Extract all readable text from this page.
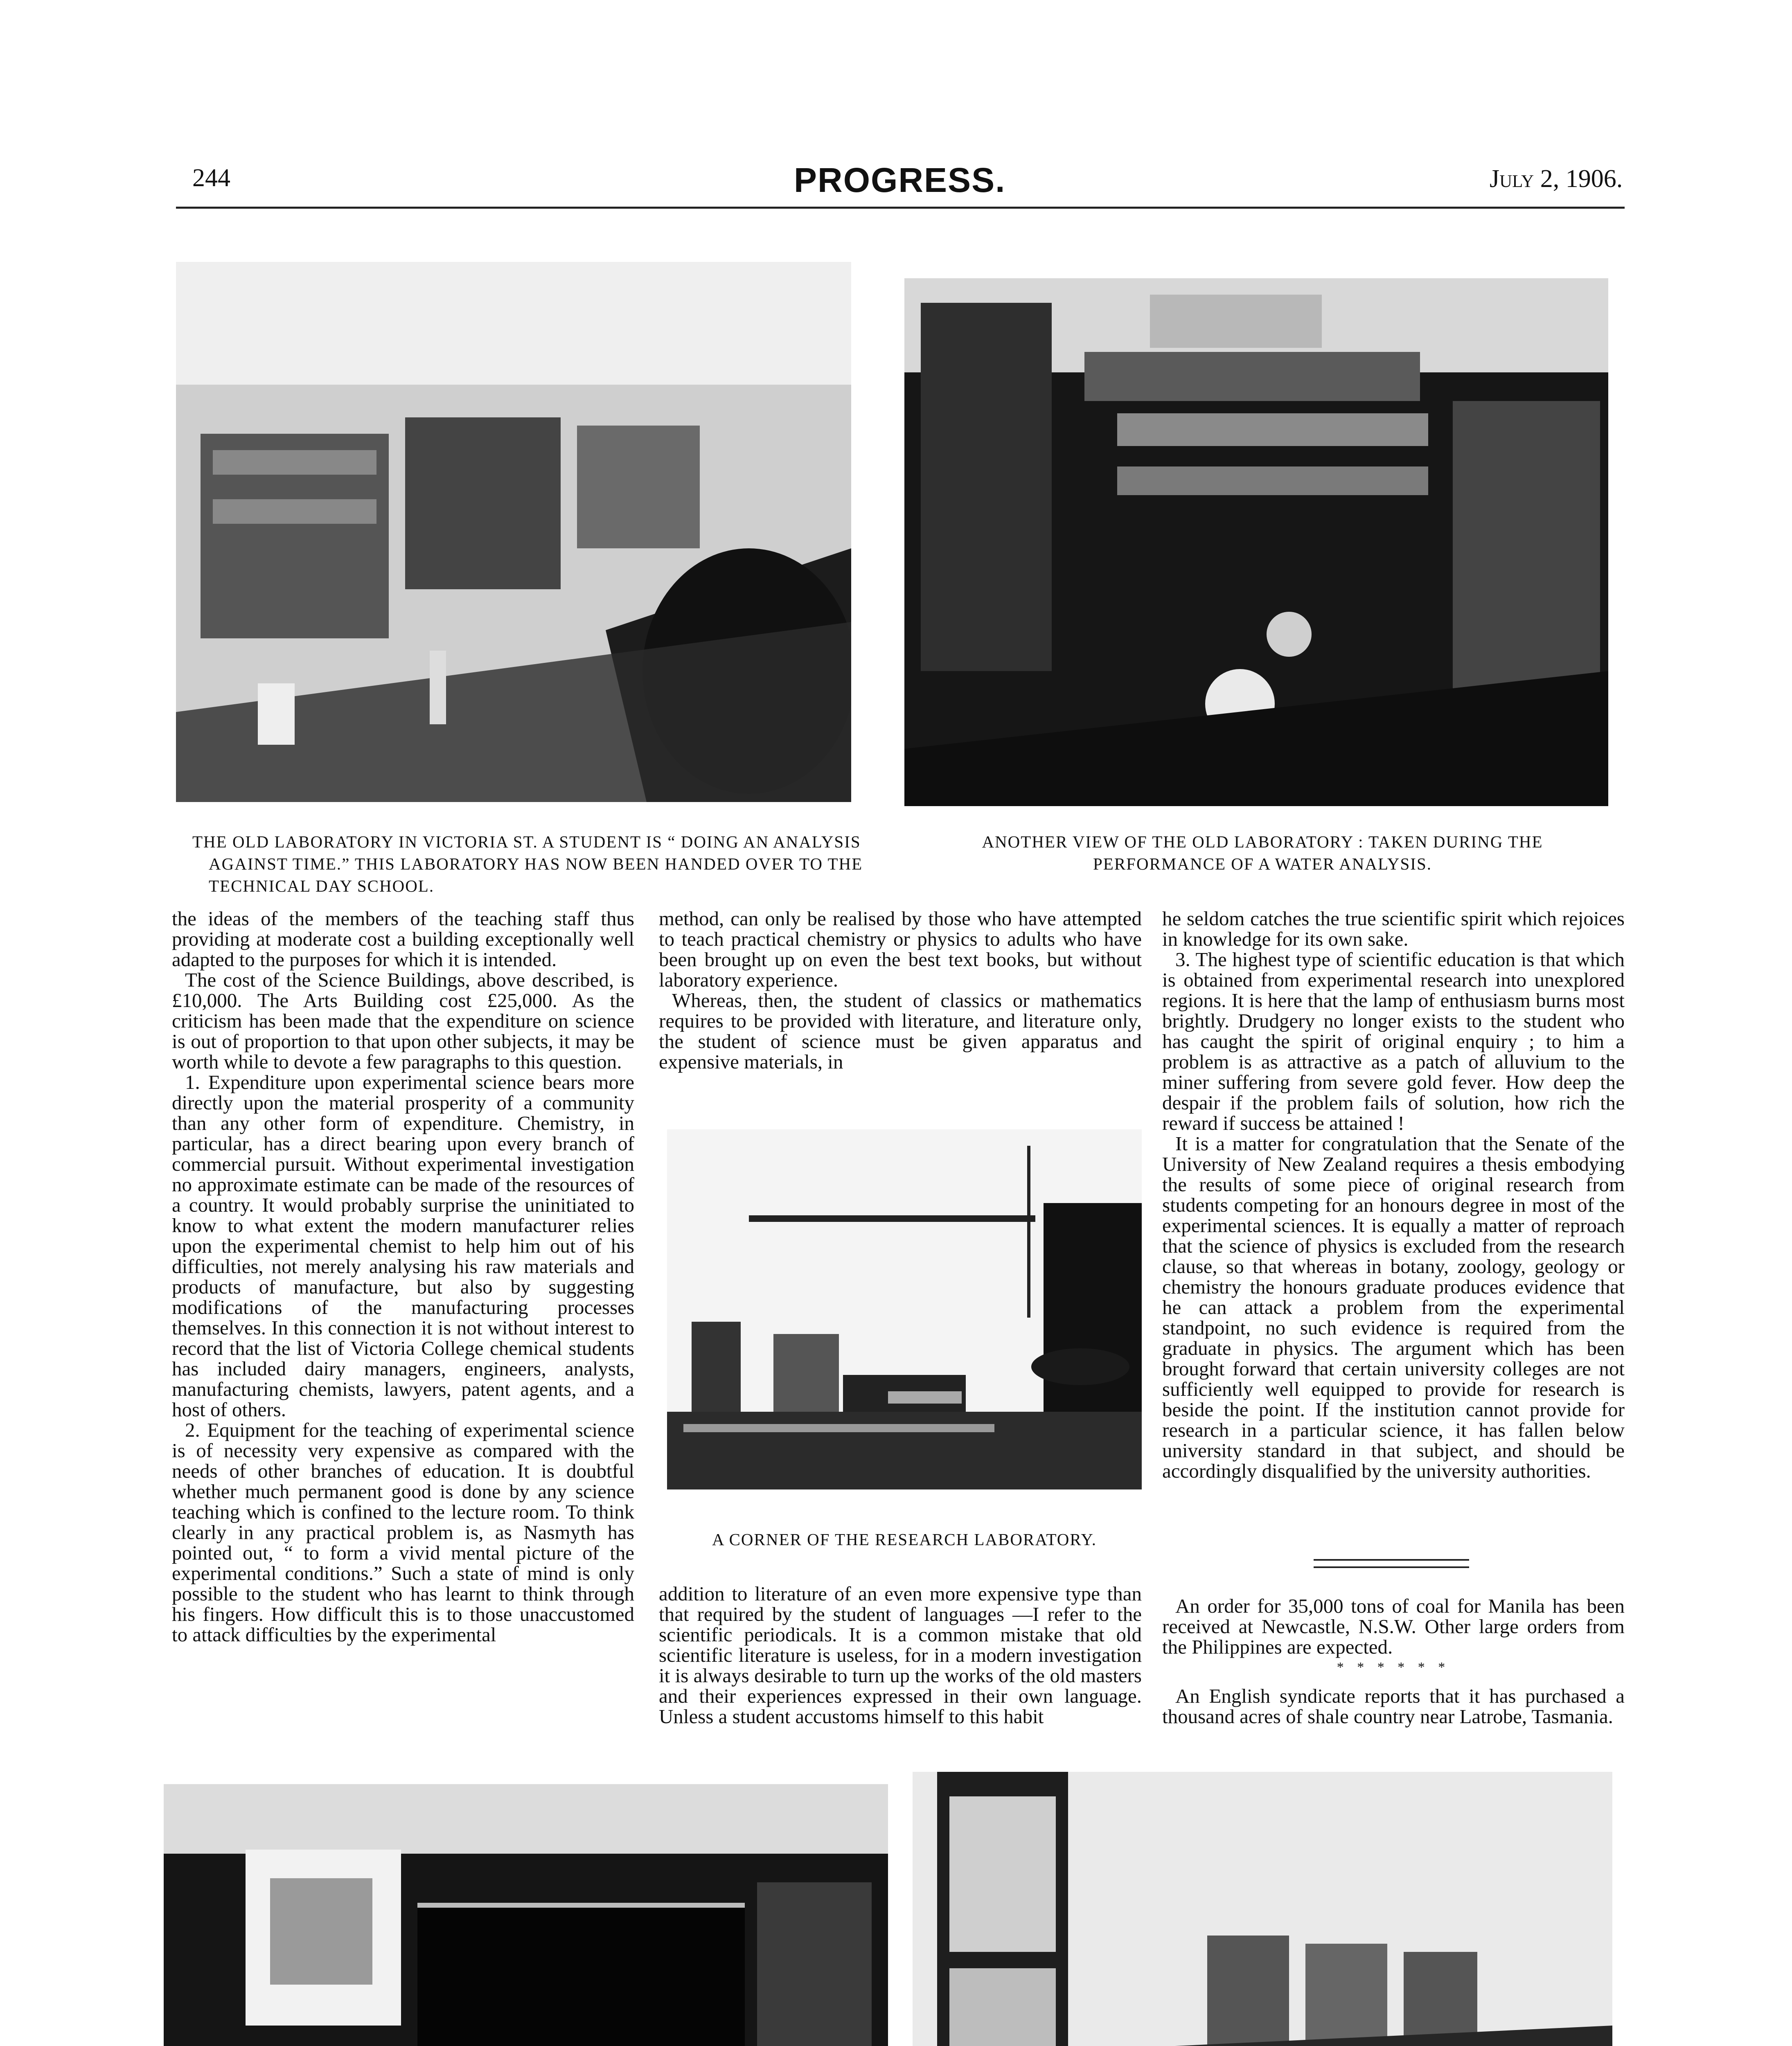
244	PROGRESS.	July 2, 1906.

THE OLD LABORATORY IN VICTORIA ST. A STUDENT IS “ DOING AN ANALYSIS

AGAINST TIME.” THIS LABORATORY HAS NOW BEEN HANDED OVER TO THE

TECHNICAL DAY SCHOOL.

ANOTHER VIEW OF THE OLD LABORATORY : TAKEN DURING THE

PERFORMANCE OF A WATER ANALYSIS.

the ideas of the members of the teaching staff thus providing at moderate cost a building exceptionally well adapted to the purposes for which it is intended.

The cost of the Science Buildings, above described, is £10,000. The Arts Building cost £25,000. As the criticism has been made that the expenditure on science is out of proportion to that upon other subjects, it may be worth while to devote a few paragraphs to this question.

1. Expenditure upon experimental science bears more directly upon the material prosperity of a community than any other form of expenditure. Chemistry, in particular, has a direct bearing upon every branch of commercial pursuit. Without experimental investigation no approximate estimate can be made of the resources of a country. It would probably surprise the uninitiated to know to what extent the modern manufacturer relies upon the experimental chemist to help him out of his difficulties, not merely analysing his raw materials and products of manufacture, but also by suggesting modifications of the manufacturing processes themselves. In this connection it is not without interest to record that the list of Victoria College chemical students has included dairy managers, engineers, analysts, manufacturing chemists, lawyers, patent agents, and a host of others.

2. Equipment for the teaching of experimental science is of necessity very expensive as compared with the needs of other branches of education. It is doubtful whether much permanent good is done by any science teaching which is confined to the lecture room. To think clearly in any practical problem is, as Nasmyth has pointed out, “ to form a vivid mental picture of the experimental conditions.” Such a state of mind is only possible to the student who has learnt to think through his fingers. How difficult this is to those unaccustomed to attack difficulties by the experimental

method, can only be realised by those who have attempted to teach practical chemistry or physics to adults who have been brought up on even the best text books, but without laboratory experience.

Whereas, then, the student of classics or mathematics requires to be provided with literature, and literature only, the student of science must be given apparatus and expensive materials, in

A CORNER OF THE RESEARCH LABORATORY.

addition to literature of an even more expensive type than that required by the student of languages —I refer to the scientific periodicals. It is a common mistake that old scientific literature is useless, for in a modern investigation it is always desirable to turn up the works of the old masters and their experiences expressed in their own language. Unless a student accustoms himself to this habit

he seldom catches the true scientific spirit which rejoices in knowledge for its own sake.

3. The highest type of scientific education is that which is obtained from experimental research into unexplored regions. It is here that the lamp of enthusiasm burns most brightly. Drudgery no longer exists to the student who has caught the spirit of original enquiry ; to him a problem is as attractive as a patch of alluvium to the miner suffering from severe gold fever. How deep the despair if the problem fails of solution, how rich the reward if success be attained !

It is a matter for congratulation that the Senate of the University of New Zealand requires a thesis embodying the results of some piece of original research from students competing for an honours degree in most of the experimental sciences. It is equally a matter of reproach that the science of physics is excluded from the research clause, so that whereas in botany, zoology, geology or chemistry the honours graduate produces evidence that he can attack a problem from the experimental standpoint, no such evidence is required from the graduate in physics. The argument which has been brought forward that certain university colleges are not sufficiently well equipped to provide for research is beside the point. If the institution cannot provide for research in a particular science, it has fallen below university standard in that subject, and should be accordingly disqualified by the university authorities.

An order for 35,000 tons of coal for Manila has been received at Newcastle, N.S.W. Other large orders from the Philippines are expected.

* * * * * *

An English syndicate reports that it has purchased a thousand acres of shale country near Latrobe, Tasmania.
